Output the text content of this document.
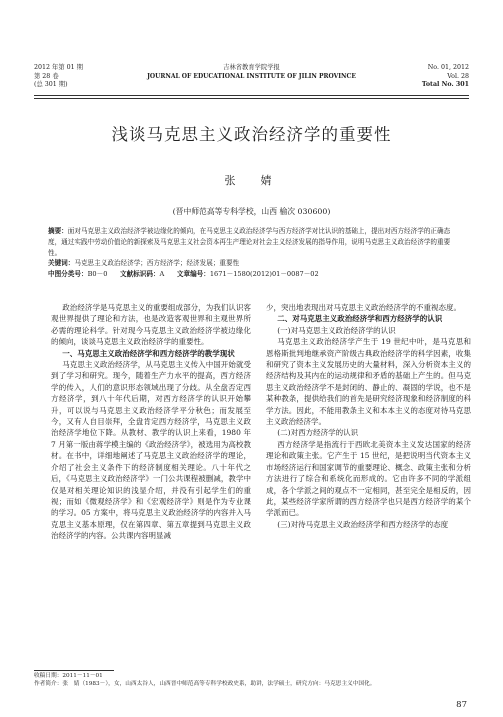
2012 年第 01 期
第 28 卷
(总 301 期)
吉林省教育学院学报
JOURNAL OF EDUCATIONAL INSTITUTE OF JILIN PROVINCE
No. 01, 2012
Vol. 28
Total No. 301
浅谈马克思主义政治经济学的重要性
张　婧
(晋中师范高等专科学校，山西 榆次 030600)

摘要：面对马克思主义政治经济学被边缘化的倾向，在马克思主义政治经济学与西方经济学对比认识的基础上，提出对西方经济学的正确态度，通过实践中劳动价值论的新探索及马克思主义社会资本再生产理论对社会主义经济发展的指导作用，说明马克思主义政治经济学的重要性。

关键词：马克思主义政治经济学；西方经济学；经济发展；重要性

中图分类号：B0－0 文献标识码：A 文章编号：1671－1580(2012)01－0087－02

政治经济学是马克思主义的重要组成部分，为我们认识客观世界提供了理论和方法，也是改造客观世界和主观世界所必需的理论科学。针对现今马克思主义政治经济学被边缘化的倾向，谈谈马克思主义政治经济学的重要性。

一、马克思主义政治经济学和西方经济学的教学现状

马克思主义政治经济学，从马克思主义传入中国开始就受到了学习和研究。现今，随着生产力水平的提高，西方经济学的传入，人们的意识形态领域出现了分歧。从全盘否定西方经济学，到八十年代后期，对西方经济学的认识开始攀升，可以说与马克思主义政治经济学平分秋色；而发展至今，又有人自目崇拜，全盘肯定西方经济学，马克思主义政治经济学地位下降。从教材、教学的认识上来看，1980 年 7 月第一版由蒋学模主编的《政治经济学》，被选用为高校教材。在书中，详细地阐述了马克思主义政治经济学的理论，介绍了社会主义条件下的经济制度相关理论。八十年代之后，《马克思主义政治经济学》一门公共课程被删减，教学中仅是对相关理论知识的浅显介绍，并没有引起学生们的重视；而如《微观经济学》和《宏观经济学》则是作为专业课的学习。05 方案中，将马克思主义政治经济学的内容并入马克思主义基本原理，仅在第四章、第五章提到马克思主义政治经济学的内容。公共课内容明显减

少，突出地表现出对马克思主义政治经济学的不重视态度。

二、对马克思主义政治经济学和西方经济学的认识

(一)对马克思主义政治经济学的认识

马克思主义政治经济学产生于 19 世纪中叶，是马克思和恩格斯批判地继承资产阶级古典政治经济学的科学因素，收集和研究了资本主义发展历史的大量材料，深入分析资本主义的经济结构及其内在的运动规律和矛盾的基础上产生的。但马克思主义政治经济学不是封闭的、静止的、凝固的学说，也不是某种教条，提供给我们的首先是研究经济现象和经济制度的科学方法。因此，不能用教条主义和本本主义的态度对待马克思主义政治经济学。

(二)对西方经济学的认识

西方经济学是指流行于西欧北美资本主义发达国家的经济理论和政策主张。它产生于 15 世纪，是把说明当代资本主义市场经济运行和国家调节的重要理论、概念、政策主张和分析方法进行了综合和系统化而形成的。它由许多不同的学派组成，各个学派之间的观点不一定相同，甚至完全是相反的，因此，某些经济学家所谓的西方经济学也只是西方经济学的某个学派而已。

(三)对待马克思主义政治经济学和西方经济学的态度

收稿日期：2011－11－01
作者简介：张　婧（1983－），女，山西太谷人，山西晋中师范高等专科学校政史系，助讲，法学硕士，研究方向：马克思主义中国化。
87
